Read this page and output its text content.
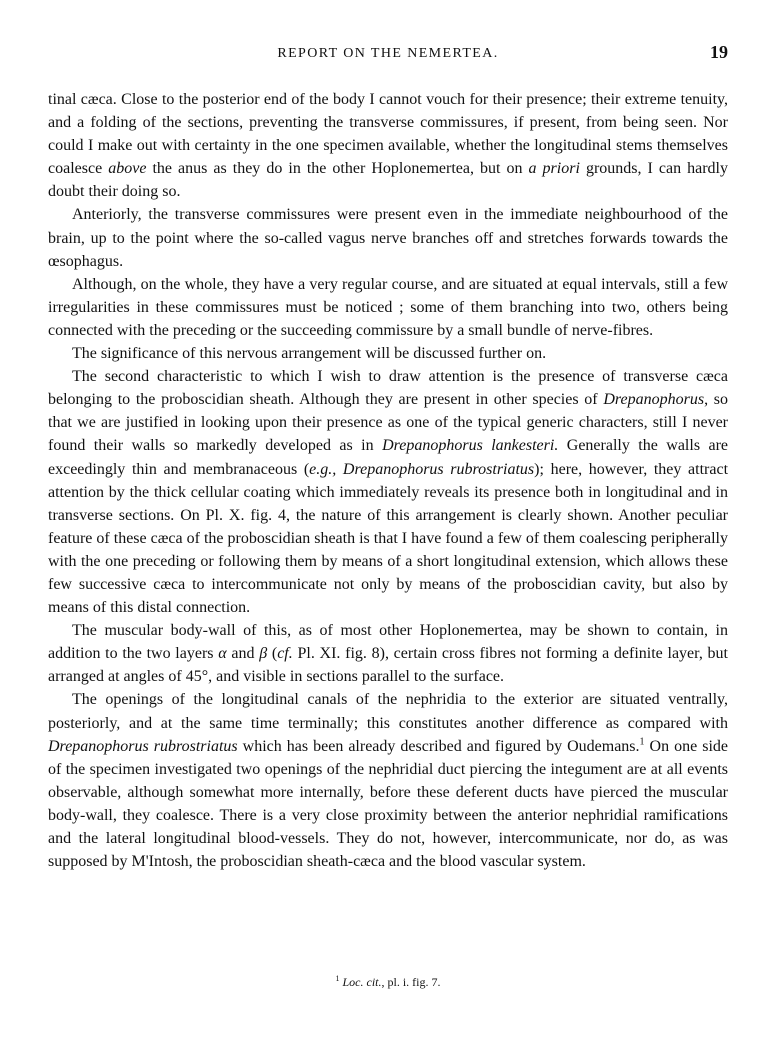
REPORT ON THE NEMERTEA.	19

tinal cæca. Close to the posterior end of the body I cannot vouch for their presence; their extreme tenuity, and a folding of the sections, preventing the transverse commissures, if present, from being seen. Nor could I make out with certainty in the one specimen available, whether the longitudinal stems themselves coalesce above the anus as they do in the other Hoplonemertea, but on a priori grounds, I can hardly doubt their doing so.

Anteriorly, the transverse commissures were present even in the immediate neighbourhood of the brain, up to the point where the so-called vagus nerve branches off and stretches forwards towards the œsophagus.

Although, on the whole, they have a very regular course, and are situated at equal intervals, still a few irregularities in these commissures must be noticed ; some of them branching into two, others being connected with the preceding or the succeeding commissure by a small bundle of nerve-fibres.

The significance of this nervous arrangement will be discussed further on.

The second characteristic to which I wish to draw attention is the presence of transverse cæca belonging to the proboscidian sheath. Although they are present in other species of Drepanophorus, so that we are justified in looking upon their presence as one of the typical generic characters, still I never found their walls so markedly developed as in Drepanophorus lankesteri. Generally the walls are exceedingly thin and membranaceous (e.g., Drepanophorus rubrostriatus); here, however, they attract attention by the thick cellular coating which immediately reveals its presence both in longitudinal and in transverse sections. On Pl. X. fig. 4, the nature of this arrangement is clearly shown. Another peculiar feature of these cæca of the proboscidian sheath is that I have found a few of them coalescing peripherally with the one preceding or following them by means of a short longitudinal extension, which allows these few successive cæca to intercommunicate not only by means of the proboscidian cavity, but also by means of this distal connection.

The muscular body-wall of this, as of most other Hoplonemertea, may be shown to contain, in addition to the two layers α and β (cf. Pl. XI. fig. 8), certain cross fibres not forming a definite layer, but arranged at angles of 45°, and visible in sections parallel to the surface.

The openings of the longitudinal canals of the nephridia to the exterior are situated ventrally, posteriorly, and at the same time terminally; this constitutes another difference as compared with Drepanophorus rubrostriatus which has been already described and figured by Oudemans.$^1$ On one side of the specimen investigated two openings of the nephridial duct piercing the integument are at all events observable, although somewhat more internally, before these deferent ducts have pierced the muscular body-wall, they coalesce. There is a very close proximity between the anterior nephridial ramifications and the lateral longitudinal blood-vessels. They do not, however, intercommunicate, nor do, as was supposed by M'Intosh, the proboscidian sheath-cæca and the blood vascular system.

$^1$ Loc. cit., pl. i. fig. 7.
